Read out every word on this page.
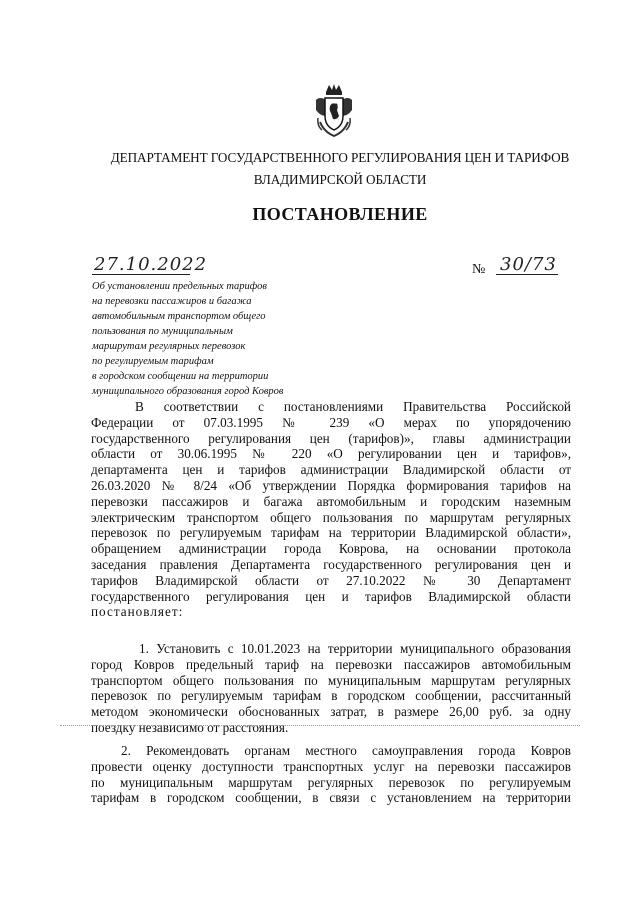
ДЕПАРТАМЕНТ ГОСУДАРСТВЕННОГО РЕГУЛИРОВАНИЯ ЦЕН И ТАРИФОВ
ВЛАДИМИРСКОЙ ОБЛАСТИ
ПОСТАНОВЛЕНИЕ
27.10.2022	№ 30/73
Об установлении предельных тарифов
на перевозки пассажиров и багажа
автомобильным транспортом общего
пользования по муниципальным
маршрутам регулярных перевозок
по регулируемым тарифам
в городском сообщении на территории
муниципального образования город Ковров
В соответствии с постановлениями Правительства Российской
Федерации от 07.03.1995 № 239 «О мерах по упорядочению
государственного регулирования цен (тарифов)», главы администрации
области от 30.06.1995 № 220 «О регулировании цен и тарифов»,
департамента цен и тарифов администрации Владимирской области от
26.03.2020 № 8/24 «Об утверждении Порядка формирования тарифов на
перевозки пассажиров и багажа автомобильным и городским наземным
электрическим транспортом общего пользования по маршрутам регулярных
перевозок по регулируемым тарифам на территории Владимирской области»,
обращением администрации города Коврова, на основании протокола
заседания правления Департамента государственного регулирования цен и
тарифов Владимирской области от 27.10.2022 № 30 Департамент
государственного регулирования цен и тарифов Владимирской области
постановляет:
1. Установить с 10.01.2023 на территории муниципального образования
город Ковров предельный тариф на перевозки пассажиров автомобильным
транспортом общего пользования по муниципальным маршрутам регулярных
перевозок по регулируемым тарифам в городском сообщении, рассчитанный
методом экономически обоснованных затрат, в размере 26,00 руб. за одну
поездку независимо от расстояния.
2. Рекомендовать органам местного самоуправления города Ковров
провести оценку доступности транспортных услуг на перевозки пассажиров
по муниципальным маршрутам регулярных перевозок по регулируемым
тарифам в городском сообщении, в связи с установлением на территории
